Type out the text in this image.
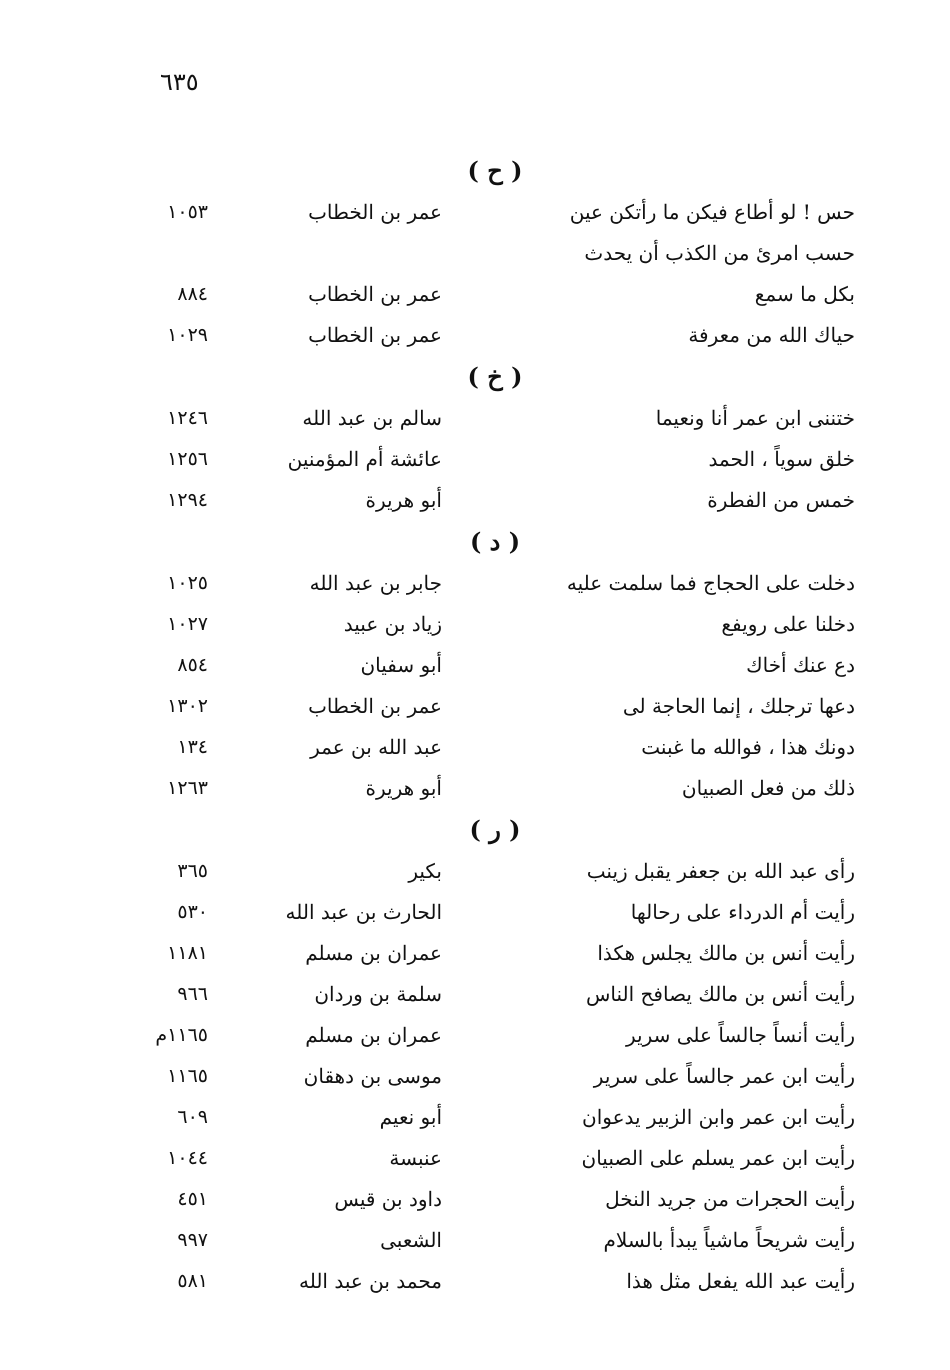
٦٣٥
( ح )
حس ! لو أطاع فيكن ما رأتكن عين
عمر بن الخطاب
١٠٥٣
حسب امرئ من الكذب أن يحدث
بكل ما سمع
عمر بن الخطاب
٨٨٤
حياك الله من معرفة
عمر بن الخطاب
١٠٢٩
( خ )
ختننى ابن عمر أنا ونعيما
سالم بن عبد الله
١٢٤٦
خلق سوياً ، الحمد
عائشة أم المؤمنين
١٢٥٦
خمس من الفطرة
أبو هريرة
١٢٩٤
( د )
دخلت على الحجاج فما سلمت عليه
جابر بن عبد الله
١٠٢٥
دخلنا على رويفع
زياد بن عبيد
١٠٢٧
دع عنك أخاك
أبو سفيان
٨٥٤
دعها ترجلك ، إنما الحاجة لى
عمر بن الخطاب
١٣٠٢
دونك هذا ، فوالله ما غبنت
عبد الله بن عمر
١٣٤
ذلك من فعل الصبيان
أبو هريرة
١٢٦٣
( ر )
رأى عبد الله بن جعفر يقبل زينب
بكير
٣٦٥
رأيت أم الدرداء على رحالها
الحارث بن عبد الله
٥٣٠
رأيت أنس بن مالك يجلس هكذا
عمران بن مسلم
١١٨١
رأيت أنس بن مالك يصافح الناس
سلمة بن وردان
٩٦٦
رأيت أنساً جالساً على سرير
عمران بن مسلم
١١٦٥م
رأيت ابن عمر جالساً على سرير
موسى بن دهقان
١١٦٥
رأيت ابن عمر وابن الزبير يدعوان
أبو نعيم
٦٠٩
رأيت ابن عمر يسلم على الصبيان
عنبسة
١٠٤٤
رأيت الحجرات من جريد النخل
داود بن قيس
٤٥١
رأيت شريحاً ماشياً يبدأ بالسلام
الشعبى
٩٩٧
رأيت عبد الله يفعل مثل هذا
محمد بن عبد الله
٥٨١
